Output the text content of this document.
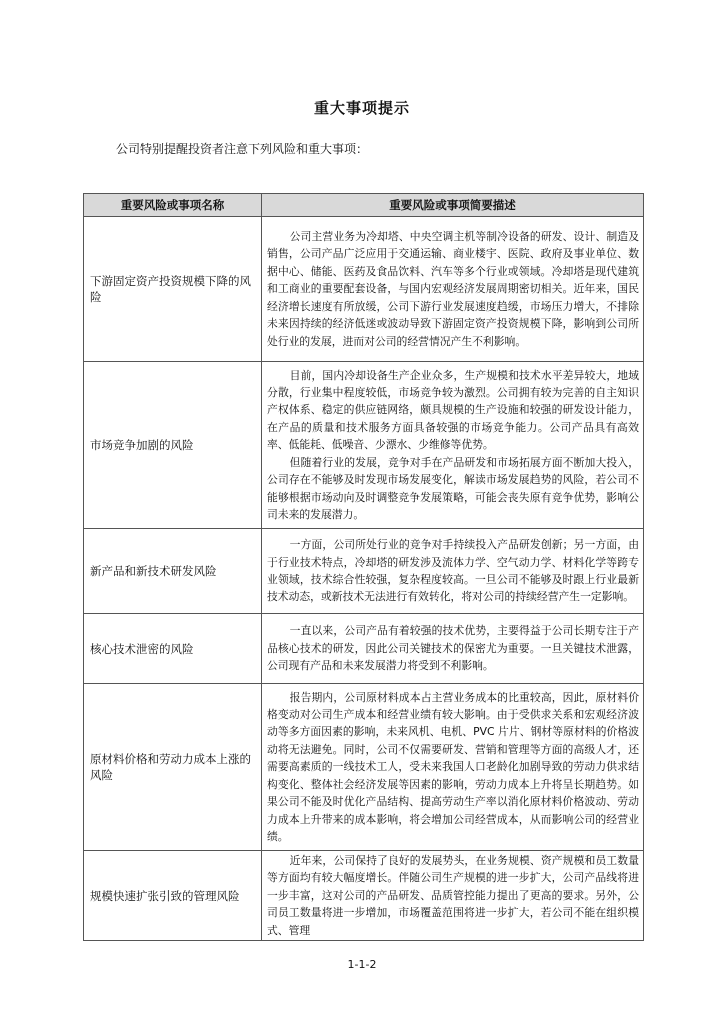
重大事项提示
公司特别提醒投资者注意下列风险和重大事项：
重要风险或事项名称	重要风险或事项简要描述
下游固定资产投资规模下降的风险	公司主营业务为冷却塔、中央空调主机等制冷设备的研发、设计、制造及销售，公司产品广泛应用于交通运输、商业楼宇、医院、政府及事业单位、数据中心、储能、医药及食品饮料、汽车等多个行业或领域。冷却塔是现代建筑和工商业的重要配套设备，与国内宏观经济发展周期密切相关。近年来，国民经济增长速度有所放缓，公司下游行业发展速度趋缓，市场压力增大，不排除未来因持续的经济低迷或波动导致下游固定资产投资规模下降，影响到公司所处行业的发展，进而对公司的经营情况产生不利影响。

市场竞争加剧的风险	目前，国内冷却设备生产企业众多，生产规模和技术水平差异较大，地域分散，行业集中程度较低，市场竞争较为激烈。公司拥有较为完善的自主知识产权体系、稳定的供应链网络，颇具规模的生产设施和较强的研发设计能力，在产品的质量和技术服务方面具备较强的市场竞争能力。公司产品具有高效率、低能耗、低噪音、少漂水、少维修等优势。

但随着行业的发展，竞争对手在产品研发和市场拓展方面不断加大投入，公司存在不能够及时发现市场发展变化，解读市场发展趋势的风险，若公司不能够根据市场动向及时调整竞争发展策略，可能会丧失原有竞争优势，影响公司未来的发展潜力。

新产品和新技术研发风险	一方面，公司所处行业的竞争对手持续投入产品研发创新；另一方面，由于行业技术特点，冷却塔的研发涉及流体力学、空气动力学、材料化学等跨专业领域，技术综合性较强，复杂程度较高。一旦公司不能够及时跟上行业最新技术动态，或新技术无法进行有效转化，将对公司的持续经营产生一定影响。

核心技术泄密的风险	一直以来，公司产品有着较强的技术优势，主要得益于公司长期专注于产品核心技术的研发，因此公司关键技术的保密尤为重要。一旦关键技术泄露，公司现有产品和未来发展潜力将受到不利影响。

原材料价格和劳动力成本上涨的风险	报告期内，公司原材料成本占主营业务成本的比重较高，因此，原材料价格变动对公司生产成本和经营业绩有较大影响。由于受供求关系和宏观经济波动等多方面因素的影响，未来风机、电机、PVC 片片、钢材等原材料的价格波动将无法避免。同时，公司不仅需要研发、营销和管理等方面的高级人才，还需要高素质的一线技术工人，受未来我国人口老龄化加剧导致的劳动力供求结构变化、整体社会经济发展等因素的影响，劳动力成本上升将呈长期趋势。如果公司不能及时优化产品结构、提高劳动生产率以消化原材料价格波动、劳动力成本上升带来的成本影响，将会增加公司经营成本，从而影响公司的经营业绩。

规模快速扩张引致的管理风险	近年来，公司保持了良好的发展势头，在业务规模、资产规模和员工数量等方面均有较大幅度增长。伴随公司生产规模的进一步扩大，公司产品线将进一步丰富，这对公司的产品研发、品质管控能力提出了更高的要求。另外，公司员工数量将进一步增加，市场覆盖范围将进一步扩大，若公司不能在组织模式、管理

1-1-2
